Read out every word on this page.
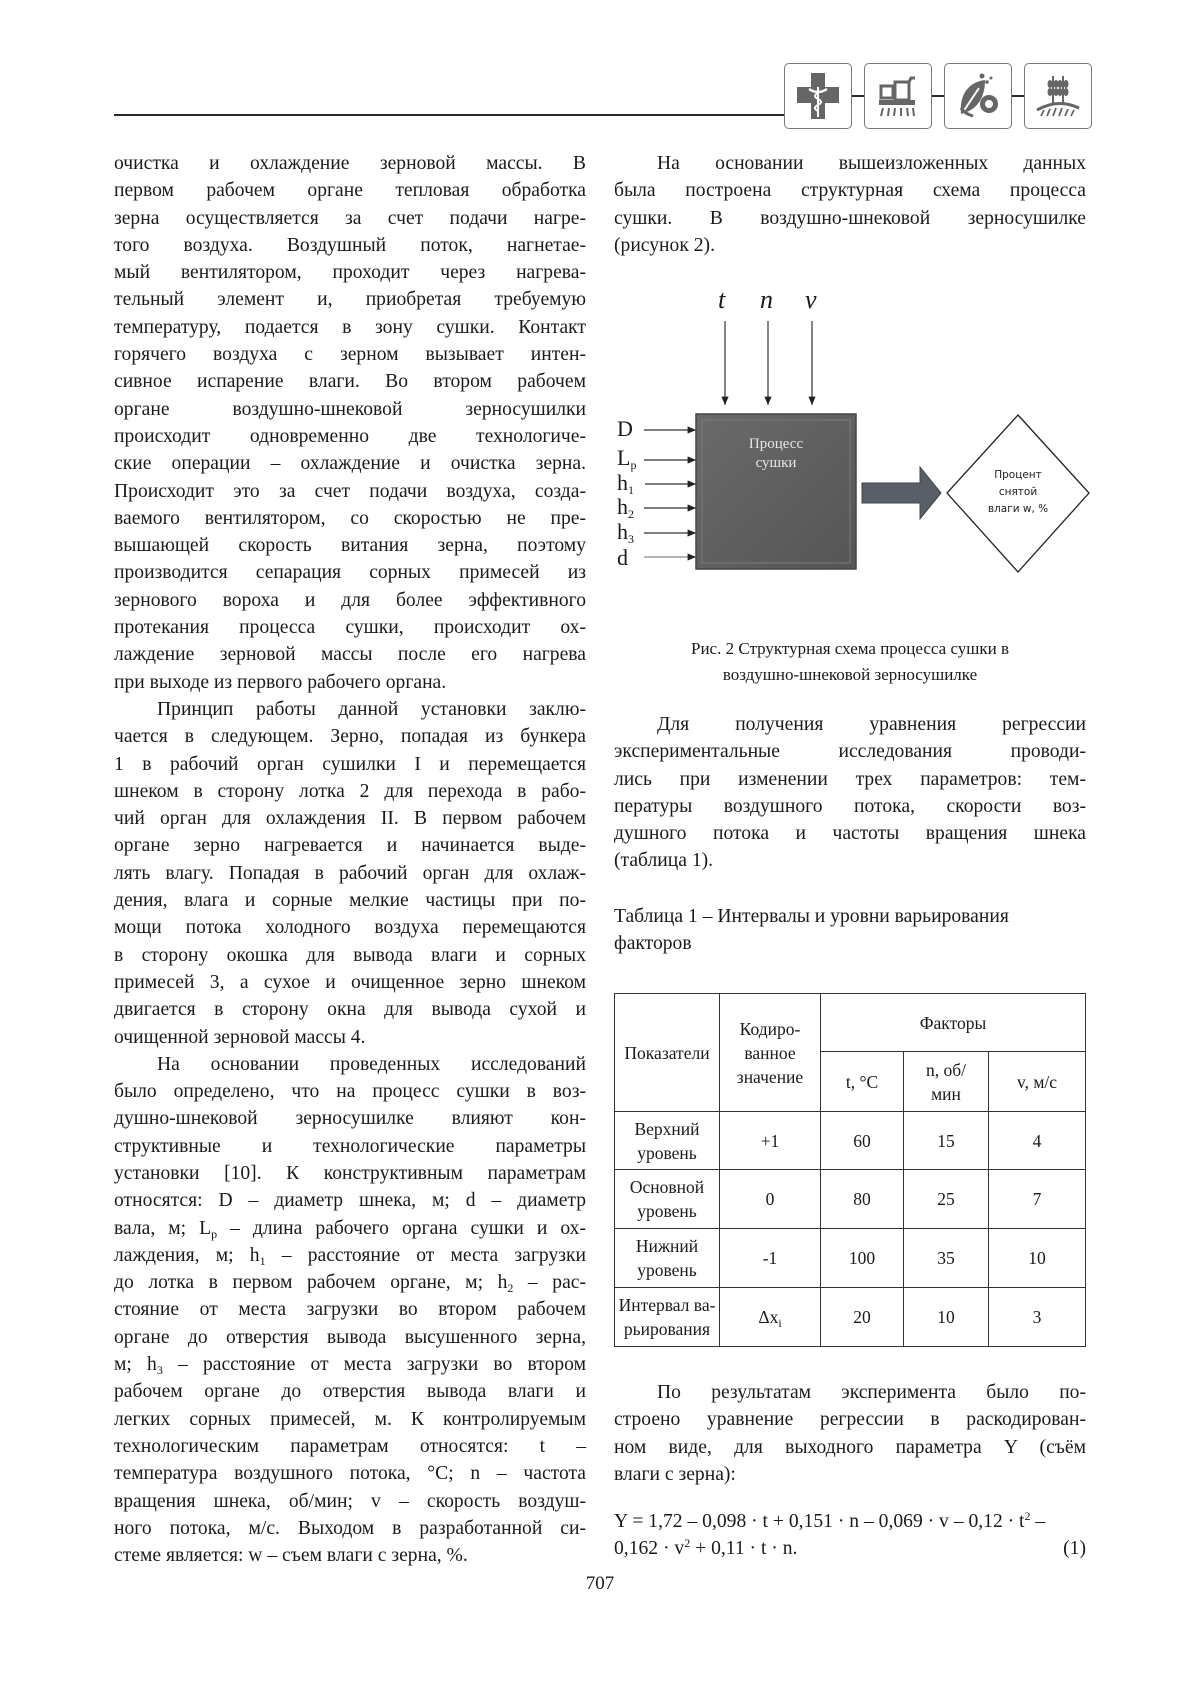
очистка и охлаждение зерновой массы. В
первом рабочем органе тепловая обработка
зерна осуществляется за счет подачи нагре-
того воздуха. Воздушный поток, нагнетае-
мый вентилятором, проходит через нагрева-
тельный элемент и, приобретая требуемую
температуру, подается в зону сушки. Контакт
горячего воздуха с зерном вызывает интен-
сивное испарение влаги. Во втором рабочем
органе воздушно-шнековой зерносушилки
происходит одновременно две технологиче-
ские операции – охлаждение и очистка зерна.
Происходит это за счет подачи воздуха, созда-
ваемого вентилятором, со скоростью не пре-
вышающей скорость витания зерна, поэтому
производится сепарация сорных примесей из
зернового вороха и для более эффективного
протекания процесса сушки, происходит ох-
лаждение зерновой массы после его нагрева
при выходе из первого рабочего органа.

Принцип работы данной установки заклю-
чается в следующем. Зерно, попадая из бункера
1 в рабочий орган сушилки I и перемещается
шнеком в сторону лотка 2 для перехода в рабо-
чий орган для охлаждения II. В первом рабочем
органе зерно нагревается и начинается выде-
лять влагу. Попадая в рабочий орган для охлаж-
дения, влага и сорные мелкие частицы при по-
мощи потока холодного воздуха перемещаются
в сторону окошка для вывода влаги и сорных
примесей 3, а сухое и очищенное зерно шнеком
двигается в сторону окна для вывода сухой и
очищенной зерновой массы 4.

На основании проведенных исследований
было определено, что на процесс сушки в воз-
душно-шнековой зерносушилке влияют кон-
структивные и технологические параметры
установки [10]. К конструктивным параметрам
относятся: D – диаметр шнека, м; d – диаметр
вала, м; $L_р$ – длина рабочего органа сушки и ох-
лаждения, м; $h_1$ – расстояние от места загрузки
до лотка в первом рабочем органе, м; $h_2 - рас-$
стояние от места загрузки во втором рабочем
органе до отверстия вывода высушенного зерна,
м; $h_3$ – расстояние от места загрузки во втором
рабочем органе до отверстия вывода влаги и
легких сорных примесей, м. К контролируемым
технологическим параметрам относятся: t –
температура воздушного потока, °С; n – частота
вращения шнека, об/мин; v – скорость воздуш-
ного потока, м/с. Выходом в разработанной си-
стеме является: w – съем влаги с зерна, %.

На основании вышеизложенных данных
была построена структурная схема процесса
сушки. В воздушно-шнековой зерносушилке
(рисунок 2).
t n v
D
$L_p$
$h_1$
$h_2$
$h_3$
d
Процесс
сушки
Процент
снятой
влаги w, %
Рис. 2 Структурная схема процесса сушки в
воздушно-шнековой зерносушилке
Для получения уравнения регрессии
экспериментальные исследования проводи-
лись при изменении трех параметров: тем-
пературы воздушного потока, скорости воз-
душного потока и частоты вращения шнека
(таблица 1).
Таблица 1 – Интервалы и уровни варьирования
факторов
Показатели	Кодиро-
ванное
значение	Факторы		
		t, °С	n, об/
мин	v, м/с

Верхний
уровень	+1	60	15	4

Основной
уровень	0	80	25	7

Нижний
уровень	-1	100	35	10

Интервал ва-
рьирования	$\Delta x_i$	20	10	3
По результатам эксперимента было по-
строено уравнение регрессии в раскодирован-
ном виде, для выходного параметра Y (съём
влаги с зерна):
$Y = 1,72 - 0,098 \cdot t + 0,151 \cdot n - 0,069 \cdot v - 0,12 \cdot t^2$ –
$0,162 \cdot v^2 + 0,11 \cdot t \cdot n$.	(1)
707
